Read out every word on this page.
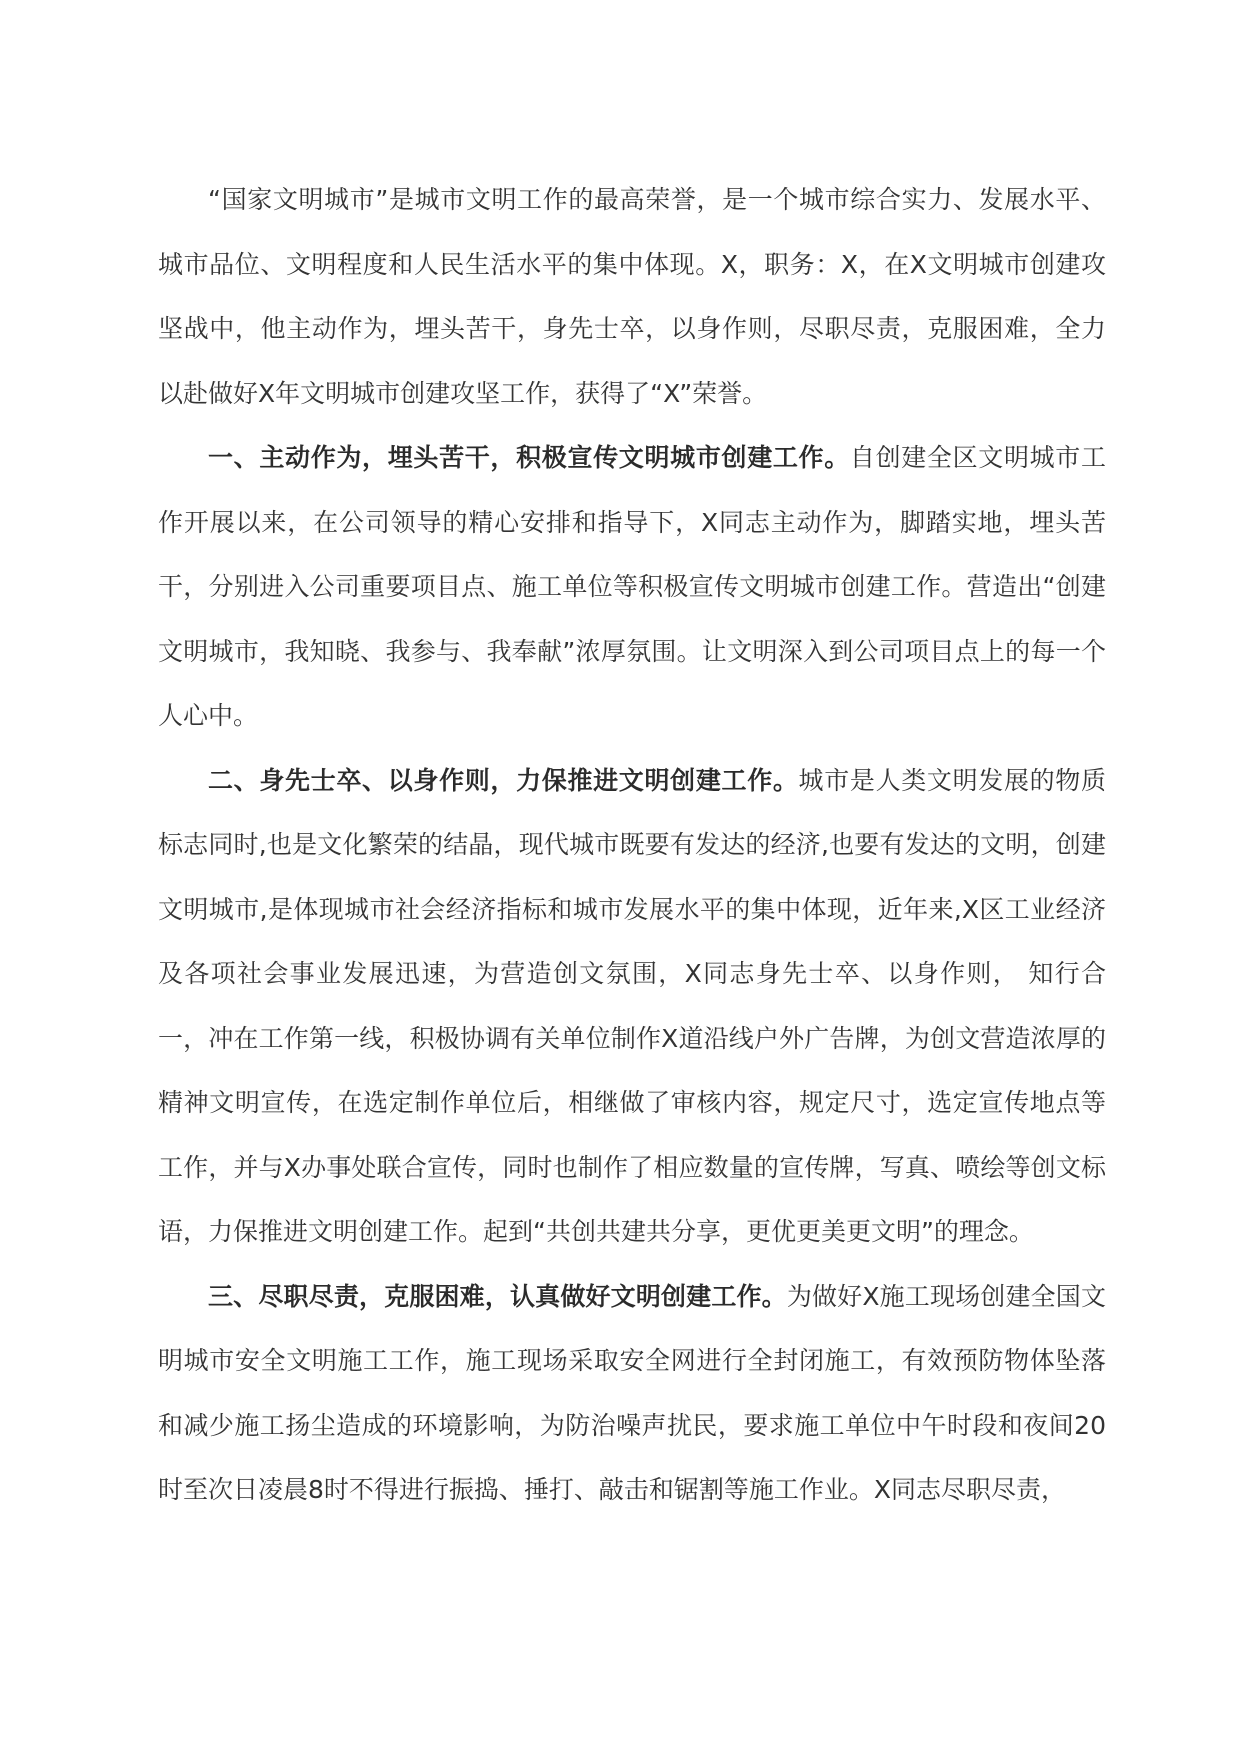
“国家文明城市”是城市文明工作的最高荣誉，是一个城市综合实力、发展水平、城市品位、文明程度和人民生活水平的集中体现。X，职务：X，在X文明城市创建攻坚战中，他主动作为，埋头苦干，身先士卒，以身作则，尽职尽责，克服困难，全力以赴做好X年文明城市创建攻坚工作，获得了“X”荣誉。

一、主动作为，埋头苦干，积极宣传文明城市创建工作。自创建全区文明城市工作开展以来，在公司领导的精心安排和指导下，X同志主动作为，脚踏实地，埋头苦干，分别进入公司重要项目点、施工单位等积极宣传文明城市创建工作。营造出“创建文明城市，我知晓、我参与、我奉献”浓厚氛围。让文明深入到公司项目点上的每一个人心中。

二、身先士卒、以身作则，力保推进文明创建工作。城市是人类文明发展的物质标志同时,也是文化繁荣的结晶，现代城市既要有发达的经济,也要有发达的文明，创建文明城市,是体现城市社会经济指标和城市发展水平的集中体现，近年来,X区工业经济及各项社会事业发展迅速，为营造创文氛围，X同志身先士卒、以身作则， 知行合一，冲在工作第一线，积极协调有关单位制作X道沿线户外广告牌，为创文营造浓厚的精神文明宣传，在选定制作单位后，相继做了审核内容，规定尺寸，选定宣传地点等工作，并与X办事处联合宣传，同时也制作了相应数量的宣传牌，写真、喷绘等创文标语，力保推进文明创建工作。起到“共创共建共分享，更优更美更文明”的理念。

三、尽职尽责，克服困难，认真做好文明创建工作。为做好X施工现场创建全国文明城市安全文明施工工作，施工现场采取安全网进行全封闭施工，有效预防物体坠落和减少施工扬尘造成的环境影响，为防治噪声扰民，要求施工单位中午时段和夜间20时至次日凌晨8时不得进行振捣、捶打、敲击和锯割等施工作业。X同志尽职尽责，
